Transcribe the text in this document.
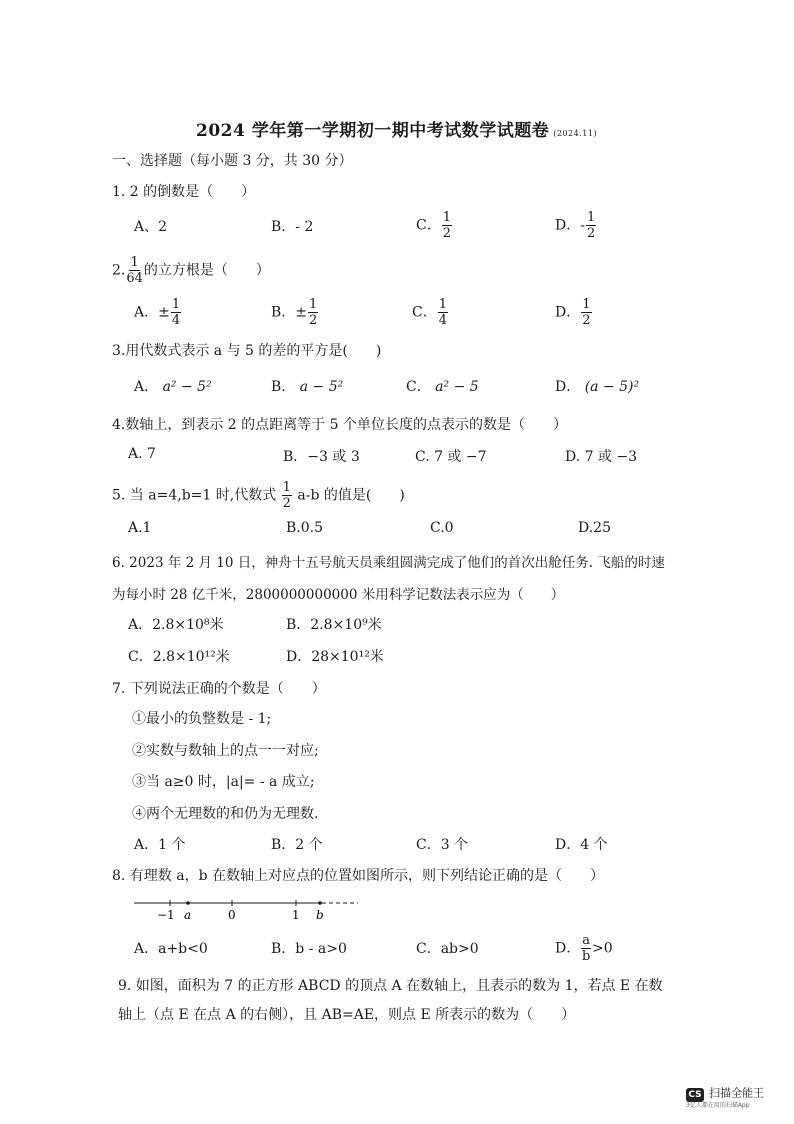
2024 学年第一学期初一期中考试数学试题卷 (2024.11)
一、选择题（每小题 3 分，共 30 分）
1. 2 的倒数是（　　）
A、2	B．- 2	C． $\frac{1}{2}$	D．- $\frac{1}{2}$
2. $\frac{1}{64}$ 的立方根是（　　）
A．± $\frac{1}{4}$	B．± $\frac{1}{2}$	C． $\frac{1}{4}$	D． $\frac{1}{2}$
3.用代数式表示 a 与 5 的差的平方是(　　)
A． a² − 5²	B． a − 5²	C． a² − 5	D． (a − 5)²
4.数轴上，到表示 2 的点距离等于 5 个单位长度的点表示的数是（　　）
A. 7	B．−3 或 3	C. 7 或 −7	D. 7 或 −3
5. 当 a=4,b=1 时,代数式 $\frac{1}{2} a-b$ 的值是(　　)
A.1	B.0.5	C.0	D.25
6. 2023 年 2 月 10 日，神舟十五号航天员乘组圆满完成了他们的首次出舱任务. 飞船的时速
为每小时 28 亿千米，2800000000000 米用科学记数法表示应为（　　）
A．2.8×10⁸米	B．2.8×10⁹米
C．2.8×10¹²米	D．28×10¹²米
7. 下列说法正确的个数是（　　）
①最小的负整数是 - 1;
②实数与数轴上的点一一对应;
③当 a≥0 时，|a|= - a 成立;
④两个无理数的和仍为无理数.
A．1 个	B．2 个	C．3 个	D．4 个
8. 有理数 a，b 在数轴上对应点的位置如图所示，则下列结论正确的是（　　）
−1 a	0	1 b
A．a+b<0	B．b - a>0	C．ab>0	D． $\frac{a}{b} >0$
9. 如图，面积为 7 的正方形 ABCD 的顶点 A 在数轴上，且表示的数为 1，若点 E 在数
轴上（点 E 在点 A 的右侧），且 AB=AE，则点 E 所表示的数为（　　）
CS 扫描全能王
3亿人都在用的扫描App
